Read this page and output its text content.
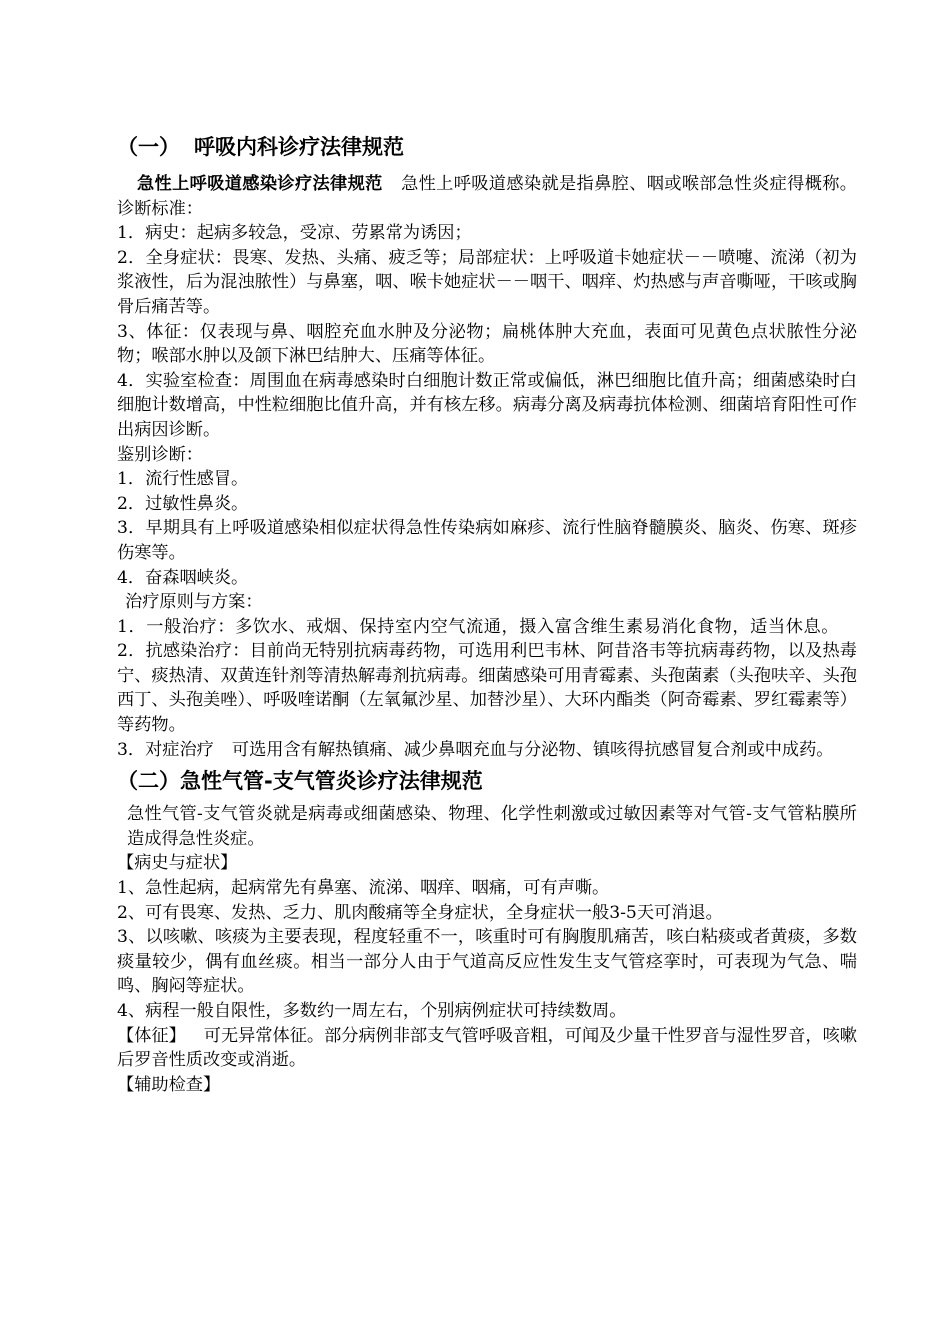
（一） 呼吸内科诊疗法律规范

急性上呼吸道感染诊疗法律规范 急性上呼吸道感染就是指鼻腔、咽或喉部急性炎症得概称。 诊断标准：

1．病史：起病多较急，受凉、劳累常为诱因；

2．全身症状：畏寒、发热、头痛、疲乏等；局部症状：上呼吸道卡她症状－－喷嚏、流涕（初为浆液性，后为混浊脓性）与鼻塞，咽、喉卡她症状－－咽干、咽痒、灼热感与声音嘶哑，干咳或胸骨后痛苦等。

3、体征：仅表现与鼻、咽腔充血水肿及分泌物；扁桃体肿大充血，表面可见黄色点状脓性分泌物；喉部水肿以及颌下淋巴结肿大、压痛等体征。

4．实验室检查：周围血在病毒感染时白细胞计数正常或偏低，淋巴细胞比值升高；细菌感染时白细胞计数增高，中性粒细胞比值升高，并有核左移。病毒分离及病毒抗体检测、细菌培育阳性可作出病因诊断。

鉴别诊断：

1．流行性感冒。

2．过敏性鼻炎。

3．早期具有上呼吸道感染相似症状得急性传染病如麻疹、流行性脑脊髓膜炎、脑炎、伤寒、斑疹伤寒等。

4．奋森咽峡炎。

治疗原则与方案：

1．一般治疗：多饮水、戒烟、保持室内空气流通，摄入富含维生素易消化食物，适当休息。2．抗感染治疗：目前尚无特别抗病毒药物，可选用利巴韦林、阿昔洛韦等抗病毒药物，以及热毒宁、痰热清、双黄连针剂等清热解毒剂抗病毒。细菌感染可用青霉素、头孢菌素（头孢呋辛、头孢西丁、头孢美唑）、呼吸喹诺酮（左氧氟沙星、加替沙星）、大环内酯类（阿奇霉素、罗红霉素等）等药物。

3．对症治疗 可选用含有解热镇痛、减少鼻咽充血与分泌物、镇咳得抗感冒复合剂或中成药。

（二）急性气管-支气管炎诊疗法律规范

急性气管-支气管炎就是病毒或细菌感染、物理、化学性刺激或过敏因素等对气管-支气管粘膜所造成得急性炎症。

【病史与症状】

1、急性起病，起病常先有鼻塞、流涕、咽痒、咽痛，可有声嘶。

2、可有畏寒、发热、乏力、肌肉酸痛等全身症状，全身症状一般3-5天可消退。

3、以咳嗽、咳痰为主要表现，程度轻重不一，咳重时可有胸腹肌痛苦，咳白粘痰或者黄痰，多数痰量较少，偶有血丝痰。相当一部分人由于气道高反应性发生支气管痉挛时，可表现为气急、喘鸣、胸闷等症状。

4、病程一般自限性，多数约一周左右，个别病例症状可持续数周。

【体征】 可无异常体征。部分病例非部支气管呼吸音粗，可闻及少量干性罗音与湿性罗音，咳嗽后罗音性质改变或消逝。

【辅助检查】
